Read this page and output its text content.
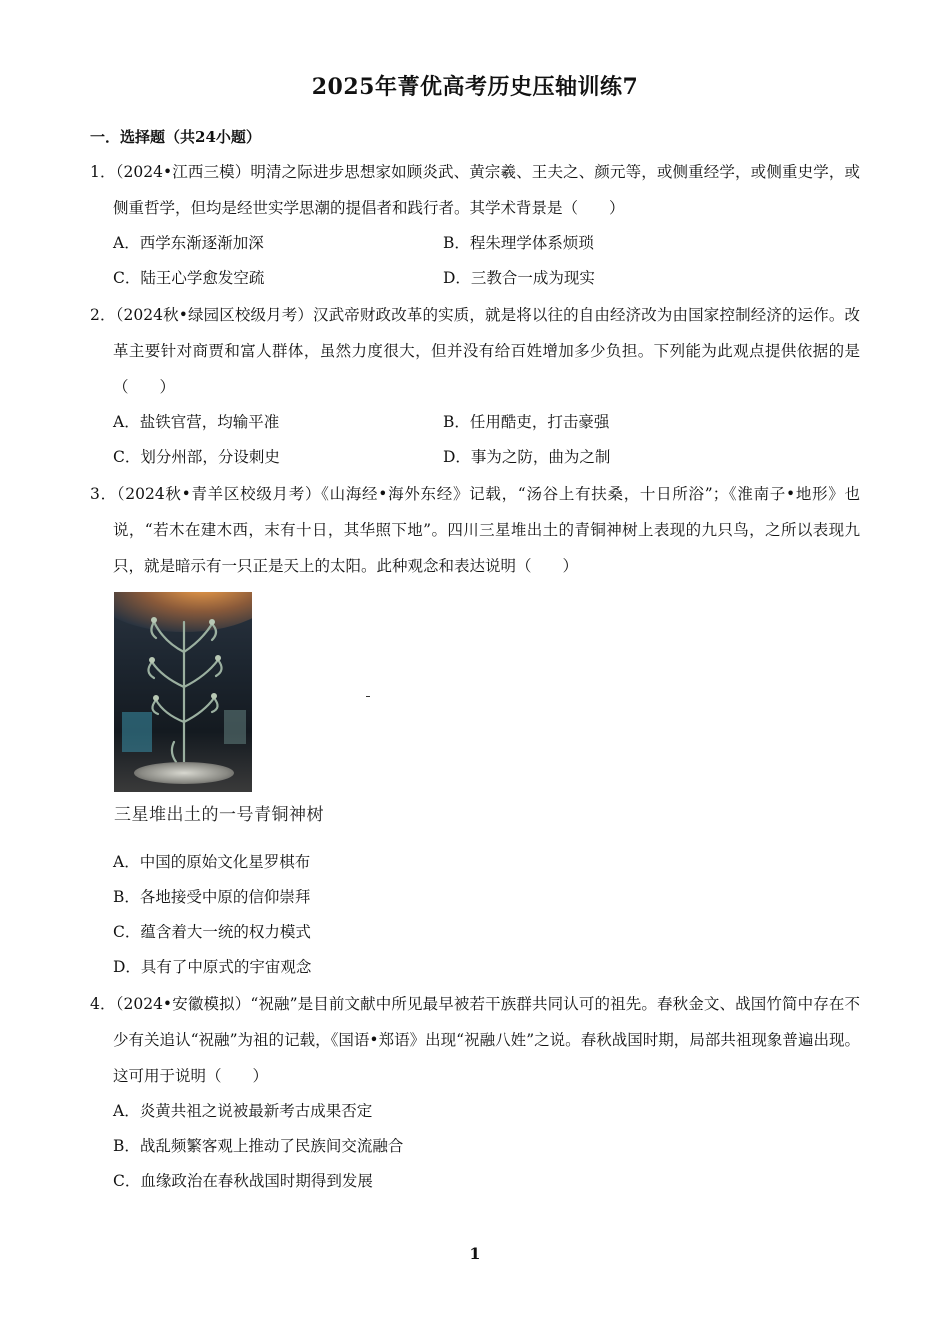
2025年菁优高考历史压轴训练7
一．选择题（共24小题）

1．（2024•江西三模）明清之际进步思想家如顾炎武、黄宗羲、王夫之、颜元等，或侧重经学，或侧重史学，或侧重哲学，但均是经世实学思潮的提倡者和践行者。其学术背景是（　　）

A．西学东渐逐渐加深	B．程朱理学体系烦琐
C．陆王心学愈发空疏	D．三教合一成为现实

2．（2024秋•绿园区校级月考）汉武帝财政改革的实质，就是将以往的自由经济改为由国家控制经济的运作。改革主要针对商贾和富人群体，虽然力度很大，但并没有给百姓增加多少负担。下列能为此观点提供依据的是（　　）

A．盐铁官营，均输平准	B．任用酷吏，打击豪强
C．划分州部，分设刺史	D．事为之防，曲为之制

3．（2024秋•青羊区校级月考）《山海经•海外东经》记载，“汤谷上有扶桑，十日所浴”；《淮南子•地形》也说，“若木在建木西，末有十日，其华照下地”。四川三星堆出土的青铜神树上表现的九只鸟，之所以表现九只，就是暗示有一只正是天上的太阳。此种观念和表达说明（　　）

三星堆出土的一号青铜神树
A．中国的原始文化星罗棋布
B．各地接受中原的信仰崇拜
C．蕴含着大一统的权力模式
D．具有了中原式的宇宙观念

4．（2024•安徽模拟）“祝融”是目前文献中所见最早被若干族群共同认可的祖先。春秋金文、战国竹简中存在不少有关追认“祝融”为祖的记载，《国语•郑语》出现“祝融八姓”之说。春秋战国时期，局部共祖现象普遍出现。这可用于说明（　　）

A．炎黄共祖之说被最新考古成果否定
B．战乱频繁客观上推动了民族间交流融合
C．血缘政治在春秋战国时期得到发展
1
